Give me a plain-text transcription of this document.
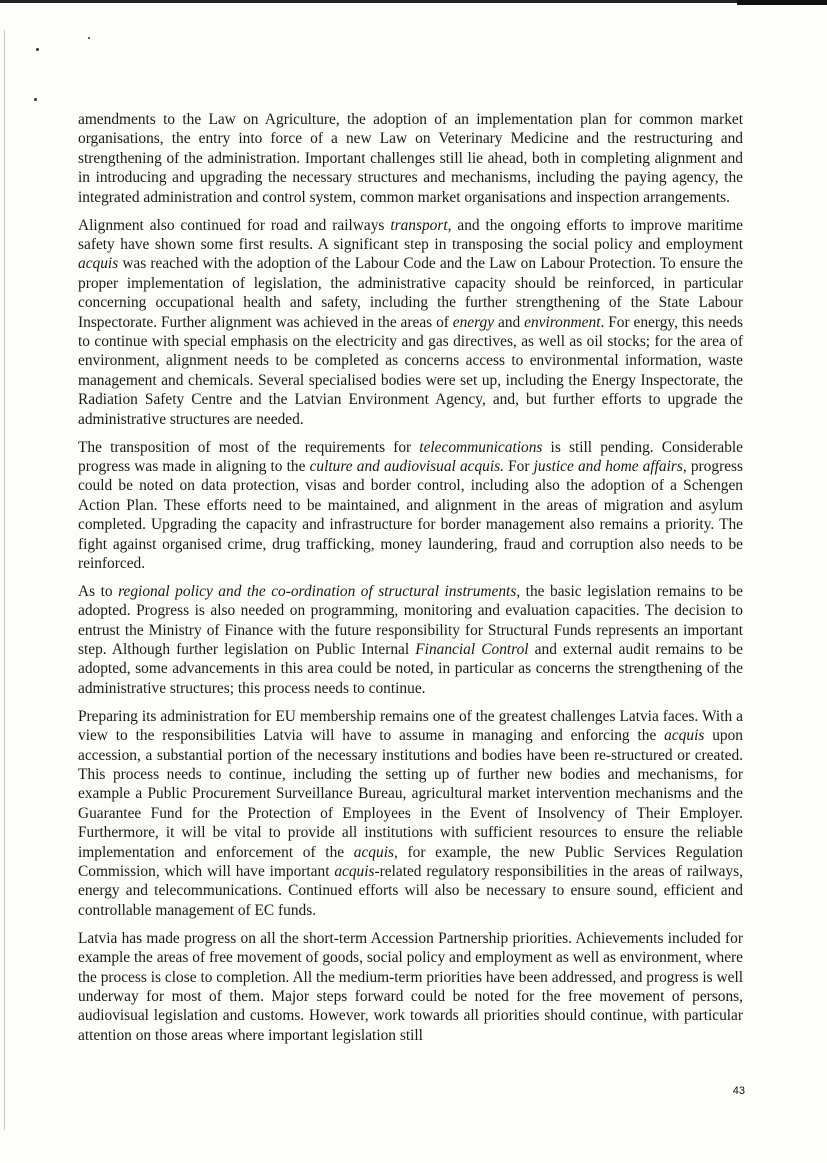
amendments to the Law on Agriculture, the adoption of an implementation plan for common market organisations, the entry into force of a new Law on Veterinary Medicine and the restructuring and strengthening of the administration. Important challenges still lie ahead, both in completing alignment and in introducing and upgrading the necessary structures and mechanisms, including the paying agency, the integrated administration and control system, common market organisations and inspection arrangements.

Alignment also continued for road and railways transport, and the ongoing efforts to improve maritime safety have shown some first results. A significant step in transposing the social policy and employment acquis was reached with the adoption of the Labour Code and the Law on Labour Protection. To ensure the proper implementation of legislation, the administrative capacity should be reinforced, in particular concerning occupational health and safety, including the further strengthening of the State Labour Inspectorate. Further alignment was achieved in the areas of energy and environment. For energy, this needs to continue with special emphasis on the electricity and gas directives, as well as oil stocks; for the area of environment, alignment needs to be completed as concerns access to environmental information, waste management and chemicals. Several specialised bodies were set up, including the Energy Inspectorate, the Radiation Safety Centre and the Latvian Environment Agency, and, but further efforts to upgrade the administrative structures are needed.

The transposition of most of the requirements for telecommunications is still pending. Considerable progress was made in aligning to the culture and audiovisual acquis. For justice and home affairs, progress could be noted on data protection, visas and border control, including also the adoption of a Schengen Action Plan. These efforts need to be maintained, and alignment in the areas of migration and asylum completed. Upgrading the capacity and infrastructure for border management also remains a priority. The fight against organised crime, drug trafficking, money laundering, fraud and corruption also needs to be reinforced.

As to regional policy and the co-ordination of structural instruments, the basic legislation remains to be adopted. Progress is also needed on programming, monitoring and evaluation capacities. The decision to entrust the Ministry of Finance with the future responsibility for Structural Funds represents an important step. Although further legislation on Public Internal Financial Control and external audit remains to be adopted, some advancements in this area could be noted, in particular as concerns the strengthening of the administrative structures; this process needs to continue.

Preparing its administration for EU membership remains one of the greatest challenges Latvia faces. With a view to the responsibilities Latvia will have to assume in managing and enforcing the acquis upon accession, a substantial portion of the necessary institutions and bodies have been re-structured or created. This process needs to continue, including the setting up of further new bodies and mechanisms, for example a Public Procurement Surveillance Bureau, agricultural market intervention mechanisms and the Guarantee Fund for the Protection of Employees in the Event of Insolvency of Their Employer. Furthermore, it will be vital to provide all institutions with sufficient resources to ensure the reliable implementation and enforcement of the acquis, for example, the new Public Services Regulation Commission, which will have important acquis-related regulatory responsibilities in the areas of railways, energy and telecommunications. Continued efforts will also be necessary to ensure sound, efficient and controllable management of EC funds.

Latvia has made progress on all the short-term Accession Partnership priorities. Achievements included for example the areas of free movement of goods, social policy and employment as well as environment, where the process is close to completion. All the medium-term priorities have been addressed, and progress is well underway for most of them. Major steps forward could be noted for the free movement of persons, audiovisual legislation and customs. However, work towards all priorities should continue, with particular attention on those areas where important legislation still

43
